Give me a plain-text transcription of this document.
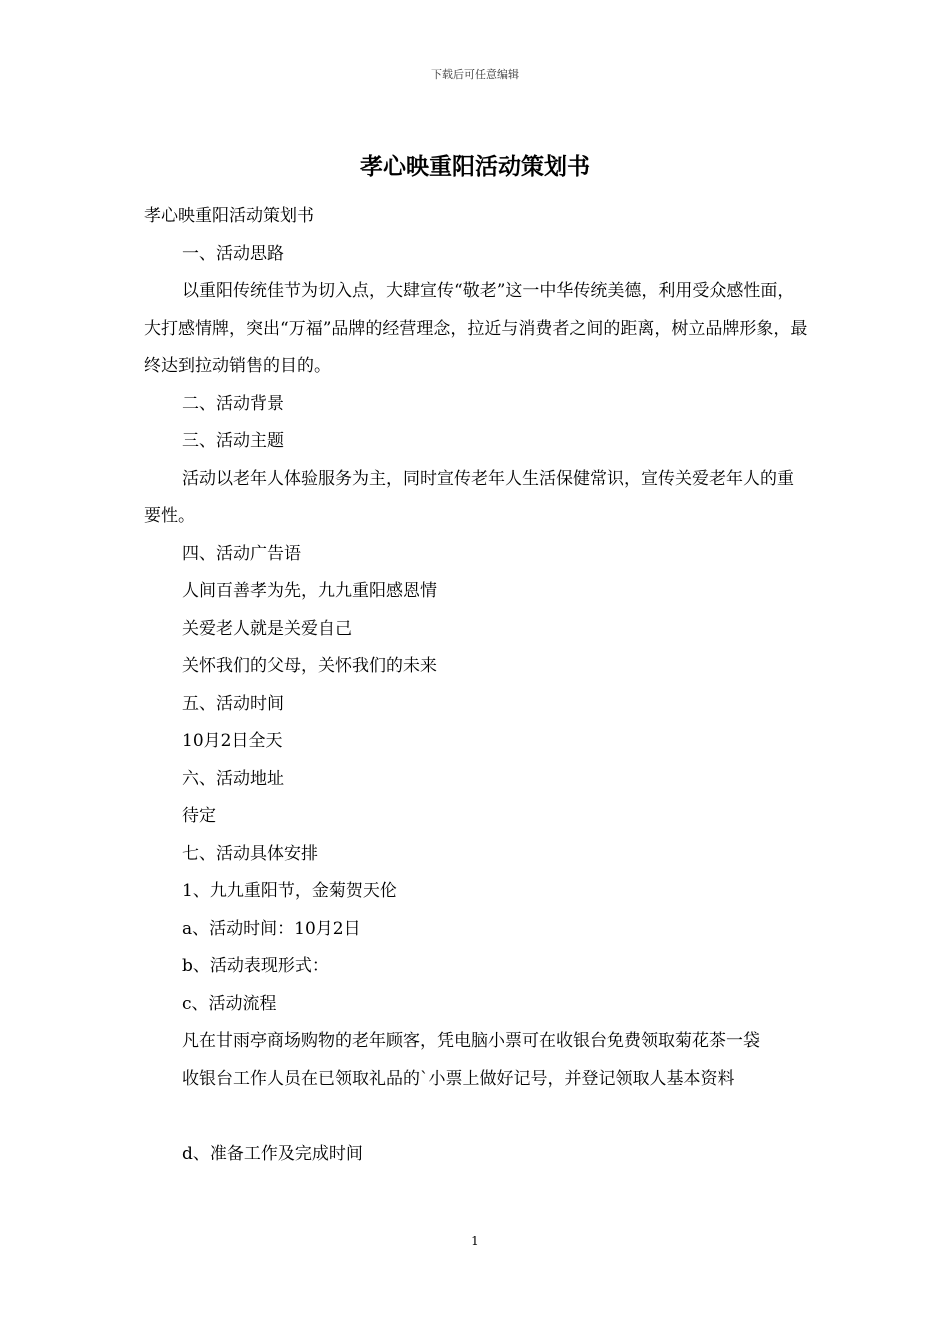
下载后可任意编辑
孝心映重阳活动策划书

孝心映重阳活动策划书

一、活动思路

以重阳传统佳节为切入点，大肆宣传“敬老”这一中华传统美德，利用受众感性面，大打感情牌，突出“万福”品牌的经营理念，拉近与消费者之间的距离，树立品牌形象，最终达到拉动销售的目的。

二、活动背景

三、活动主题

活动以老年人体验服务为主，同时宣传老年人生活保健常识，宣传关爱老年人的重要性。

四、活动广告语

人间百善孝为先，九九重阳感恩情

关爱老人就是关爱自己

关怀我们的父母，关怀我们的未来

五、活动时间

10月2日全天

六、活动地址

待定

七、活动具体安排

1、九九重阳节，金菊贺天伦

a、活动时间：10月2日

b、活动表现形式：

c、活动流程

凡在甘雨亭商场购物的老年顾客，凭电脑小票可在收银台免费领取菊花茶一袋

收银台工作人员在已领取礼品的`小票上做好记号，并登记领取人基本资料

d、准备工作及完成时间

1
